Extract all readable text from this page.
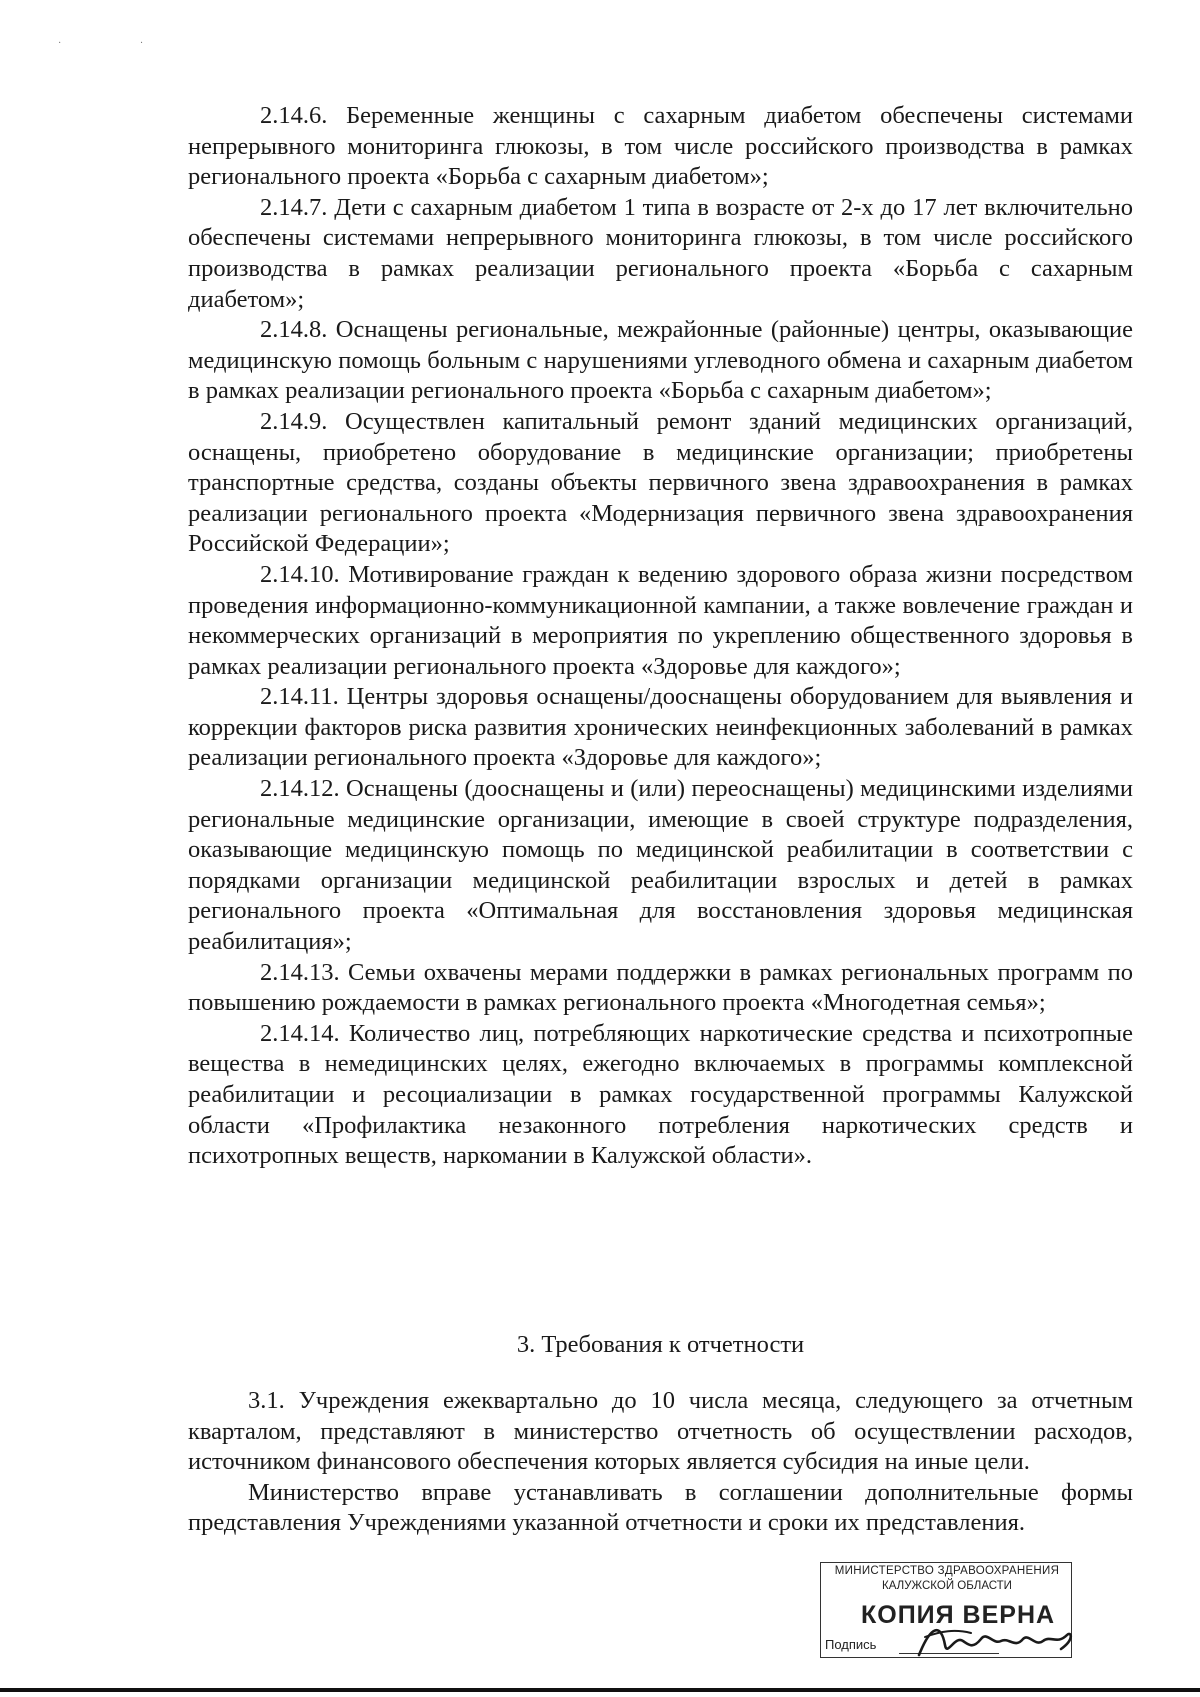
· ·

2.14.6. Беременные женщины с сахарным диабетом обеспечены системами непрерывного мониторинга глюкозы, в том числе российского производства в рамках регионального проекта «Борьба с сахарным диабетом»;

2.14.7. Дети с сахарным диабетом 1 типа в возрасте от 2-х до 17 лет включительно обеспечены системами непрерывного мониторинга глюкозы, в том числе российского производства в рамках реализации регионального проекта «Борьба с сахарным диабетом»;

2.14.8. Оснащены региональные, межрайонные (районные) центры, оказывающие медицинскую помощь больным с нарушениями углеводного обмена и сахарным диабетом в рамках реализации регионального проекта «Борьба с сахарным диабетом»;

2.14.9. Осуществлен капитальный ремонт зданий медицинских организаций, оснащены, приобретено оборудование в медицинские организации; приобретены транспортные средства, созданы объекты первичного звена здравоохранения в рамках реализации регионального проекта «Модернизация первичного звена здравоохранения Российской Федерации»;

2.14.10. Мотивирование граждан к ведению здорового образа жизни посредством проведения информационно-коммуникационной кампании, а также вовлечение граждан и некоммерческих организаций в мероприятия по укреплению общественного здоровья в рамках реализации регионального проекта «Здоровье для каждого»;

2.14.11. Центры здоровья оснащены/дооснащены оборудованием для выявления и коррекции факторов риска развития хронических неинфекционных заболеваний в рамках реализации регионального проекта «Здоровье для каждого»;

2.14.12. Оснащены (дооснащены и (или) переоснащены) медицинскими изделиями региональные медицинские организации, имеющие в своей структуре подразделения, оказывающие медицинскую помощь по медицинской реабилитации в соответствии с порядками организации медицинской реабилитации взрослых и детей в рамках регионального проекта «Оптимальная для восстановления здоровья медицинская реабилитация»;

2.14.13. Семьи охвачены мерами поддержки в рамках региональных программ по повышению рождаемости в рамках регионального проекта «Многодетная семья»;

2.14.14. Количество лиц, потребляющих наркотические средства и психотропные вещества в немедицинских целях, ежегодно включаемых в программы комплексной реабилитации и ресоциализации в рамках государственной программы Калужской области «Профилактика незаконного потребления наркотических средств и психотропных веществ, наркомании в Калужской области».

3. Требования к отчетности

3.1. Учреждения ежеквартально до 10 числа месяца, следующего за отчетным кварталом, представляют в министерство отчетность об осуществлении расходов, источником финансового обеспечения которых является субсидия на иные цели.

Министерство вправе устанавливать в соглашении дополнительные формы представления Учреждениями указанной отчетности и сроки их представления.

МИНИСТЕРСТВО ЗДРАВООХРАНЕНИЯ
КАЛУЖСКОЙ ОБЛАСТИ
КОПИЯ ВЕРНА
Подпись
